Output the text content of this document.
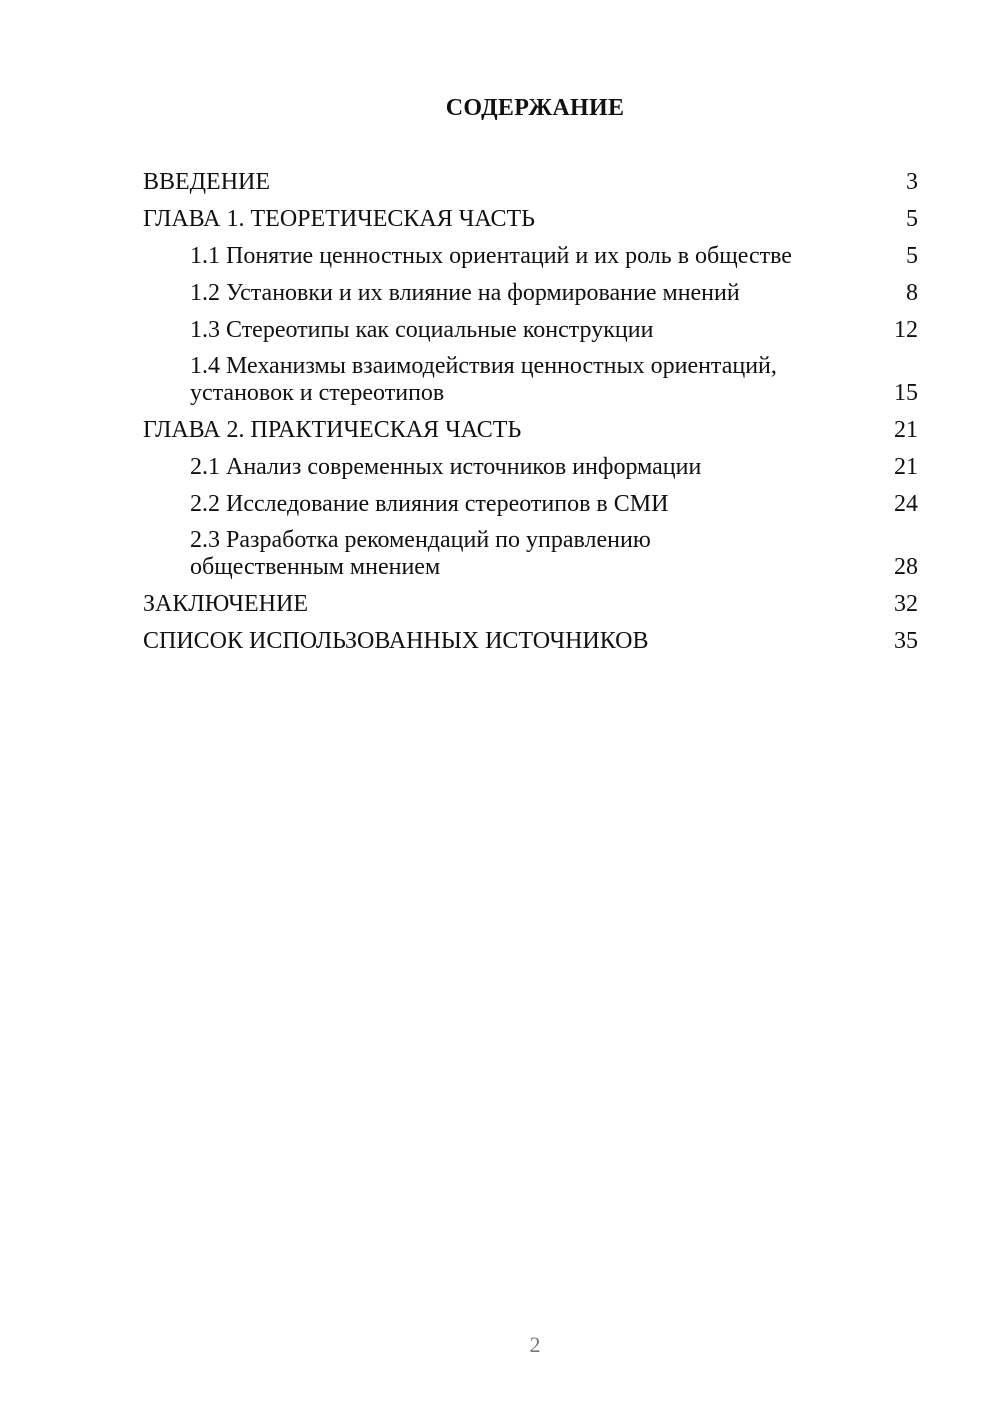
СОДЕРЖАНИЕ
ВВЕДЕНИЕ	3
ГЛАВА 1. ТЕОРЕТИЧЕСКАЯ ЧАСТЬ	5
1.1 Понятие ценностных ориентаций и их роль в обществе	5
1.2 Установки и их влияние на формирование мнений	8
1.3 Стереотипы как социальные конструкции	12
1.4 Механизмы взаимодействия ценностных ориентаций, установок и стереотипов	15
ГЛАВА 2. ПРАКТИЧЕСКАЯ ЧАСТЬ	21
2.1 Анализ современных источников информации	21
2.2 Исследование влияния стереотипов в СМИ	24
2.3 Разработка рекомендаций по управлению общественным мнением	28
ЗАКЛЮЧЕНИЕ	32
СПИСОК ИСПОЛЬЗОВАННЫХ ИСТОЧНИКОВ	35
2
